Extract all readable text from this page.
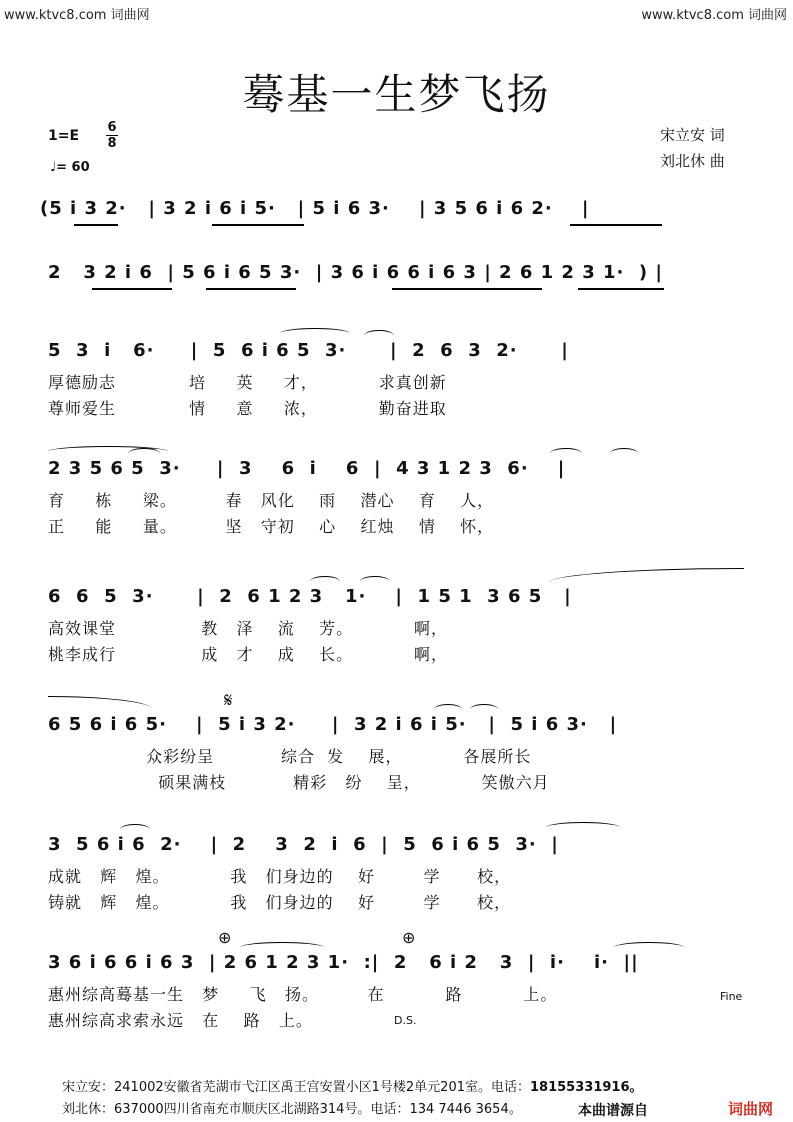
www.ktvc8.com 词曲网	www.ktvc8.com 词曲网
蓦基一生梦飞扬
1=E
6
8
♩= 60
宋立安 词
刘北休 曲
(5 i 3 2·   | 3 2 i 6 i 5·   | 5 i 6 3·    | 3 5 6 i 6 2·    |
2   3 2 i 6  | 5 6 i 6 5 3·  | 3 6 i 6 6 i 6 3 | 2 6 1 2 3 1·  ) |
5  3  i   6·     |  5  6 i 6 5  3·      |  2  6  3  2·      |
厚德励志            培     英     才，          求真创新
尊师爱生            情     意     浓，          勤奋进取
2 3 5 6 5  3·     |  3    6  i    6  |  4 3 1 2 3  6·    |
育     栋     梁。        春   风化    雨    潜心    育    人，
正     能     量。        坚   守初    心    红烛    情    怀，
6  6  5  3·      |  2  6 1 2 3   1·    |  1 5 1  3 6 5   |
高效课堂              教   泽    流    芳。          啊，
桃李成行              成   才    成    长。          啊，
𝄋
6 5 6 i 6 5·    |  5 i 3 2·     |  3 2 i 6 i 5·   |  5 i 6 3·   |
众彩纷呈           综合  发    展，          各展所长
硕果满枝           精彩   纷    呈，          笑傲六月
3  5 6 i 6  2·    |  2    3  2  i  6  |  5  6 i 6 5  3·  |
成就   辉   煌。          我   们身边的    好        学      校，
铸就   辉   煌。          我   们身边的    好        学      校，
⊕	⊕
3 6 i 6 6 i 6 3  | 2 6 1 2 3 1·  :|  2   6 i 2   3  |  i·    i·  ||
惠州综高蓦基一生   梦     飞   扬。        在          路          上。
惠州综高求索永远   在    路   上。
Fine
D.S.
宋立安：241002安徽省芜湖市弋江区禹王宫安置小区1号楼2单元201室。电话：18155331916。
刘北休：637000四川省南充市顺庆区北湖路314号。电话：134 7446 3654。	本曲谱源自	词曲网
